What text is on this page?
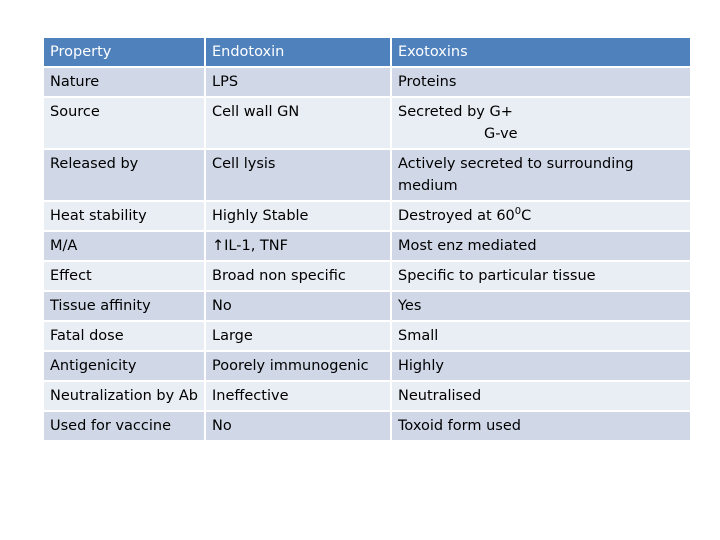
Property	Endotoxin	Exotoxins
Nature	LPS	Proteins
Source	Cell wall GN	Secreted by G+
G-ve

Released by	Cell lysis	Actively secreted to surrounding medium
Heat stability	Highly Stable	Destroyed at $60^0C$
M/A	↑IL-1, TNF	Most enz mediated
Effect	Broad non specific	Specific to particular tissue
Tissue affinity	No	Yes
Fatal dose	Large	Small
Antigenicity	Poorely immunogenic	Highly
Neutralization by Ab	Ineffective	Neutralised
Used for vaccine	No	Toxoid form used
